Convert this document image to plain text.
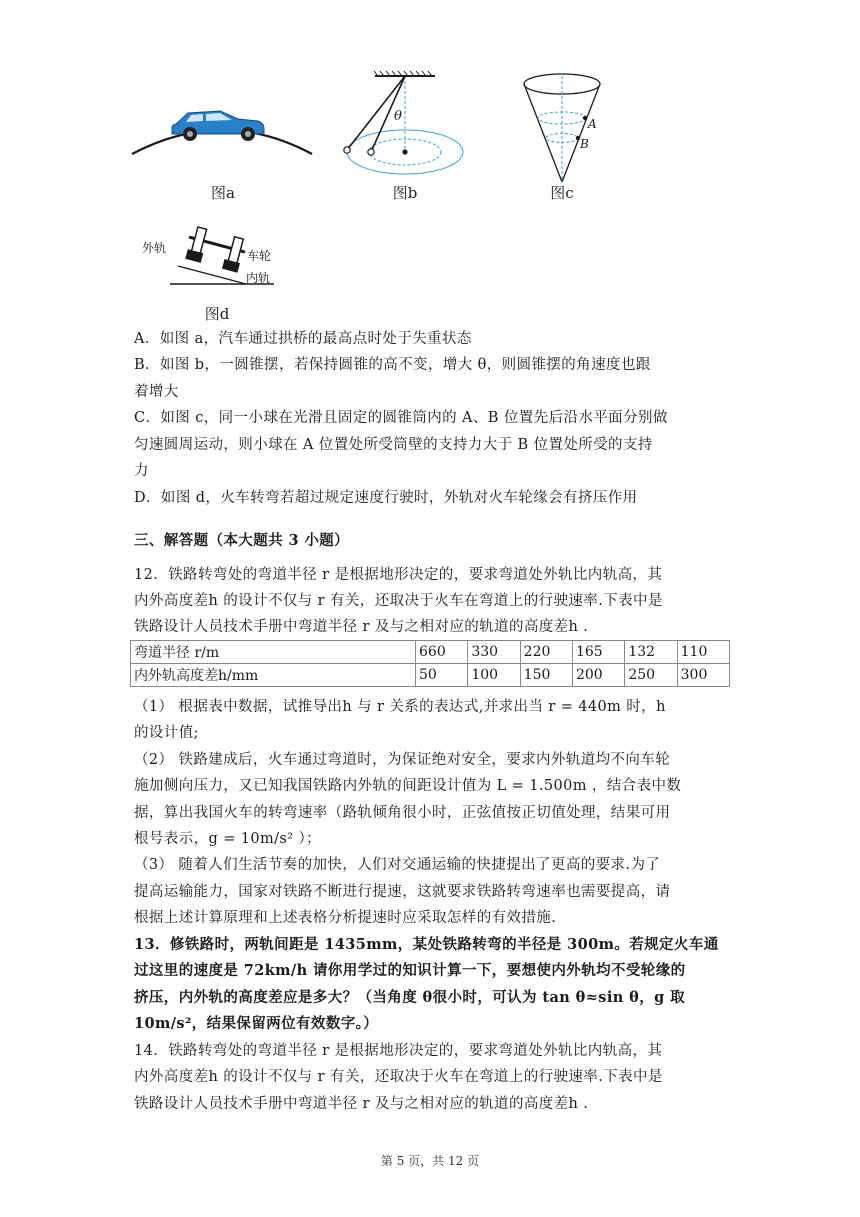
图a
θ
图b
A
B
图c
外轨
车轮
内轨
图d
A．如图 a，汽车通过拱桥的最高点时处于失重状态
B．如图 b，一圆锥摆，若保持圆锥的高不变，增大 θ，则圆锥摆的角速度也跟
着增大
C．如图 c，同一小球在光滑且固定的圆锥筒内的 A、B 位置先后沿水平面分别做
匀速圆周运动，则小球在 A 位置处所受筒壁的支持力大于 B 位置处所受的支持
力
D．如图 d，火车转弯若超过规定速度行驶时，外轨对火车轮缘会有挤压作用
三、解答题（本大题共 3 小题）
12．铁路转弯处的弯道半径 r 是根据地形决定的，要求弯道处外轨比内轨高，其
内外高度差h 的设计不仅与 r 有关，还取决于火车在弯道上的行驶速率.下表中是
铁路设计人员技术手册中弯道半径 r 及与之相对应的轨道的高度差h .
弯道半径 r/m	660	330	220	165	132	110
内外轨高度差h/mm	50	100	150	200	250	300
（1） 根据表中数据，试推导出h 与 r 关系的表达式,并求出当 r = 440m 时，h
的设计值;
（2） 铁路建成后，火车通过弯道时，为保证绝对安全，要求内外轨道均不向车轮
施加侧向压力，又已知我国铁路内外轨的间距设计值为 L = 1.500m ，结合表中数
据，算出我国火车的转弯速率（路轨倾角很小时，正弦值按正切值处理，结果可用
根号表示，g = 10m/s² ）；
（3） 随着人们生活节奏的加快，人们对交通运输的快捷提出了更高的要求.为了
提高运输能力，国家对铁路不断进行提速，这就要求铁路转弯速率也需要提高，请
根据上述计算原理和上述表格分析提速时应采取怎样的有效措施.
13．修铁路时，两轨间距是 1435mm，某处铁路转弯的半径是 300m。若规定火车通
过这里的速度是 72km/h 请你用学过的知识计算一下，要想使内外轨均不受轮缘的
挤压，内外轨的高度差应是多大？（当角度 θ很小时，可认为 tan θ≈sin θ，g 取
10m/s²，结果保留两位有效数字。）
14．铁路转弯处的弯道半径 r 是根据地形决定的，要求弯道处外轨比内轨高，其
内外高度差h 的设计不仅与 r 有关，还取决于火车在弯道上的行驶速率.下表中是
铁路设计人员技术手册中弯道半径 r 及与之相对应的轨道的高度差h .
第 5 页，共 12 页
